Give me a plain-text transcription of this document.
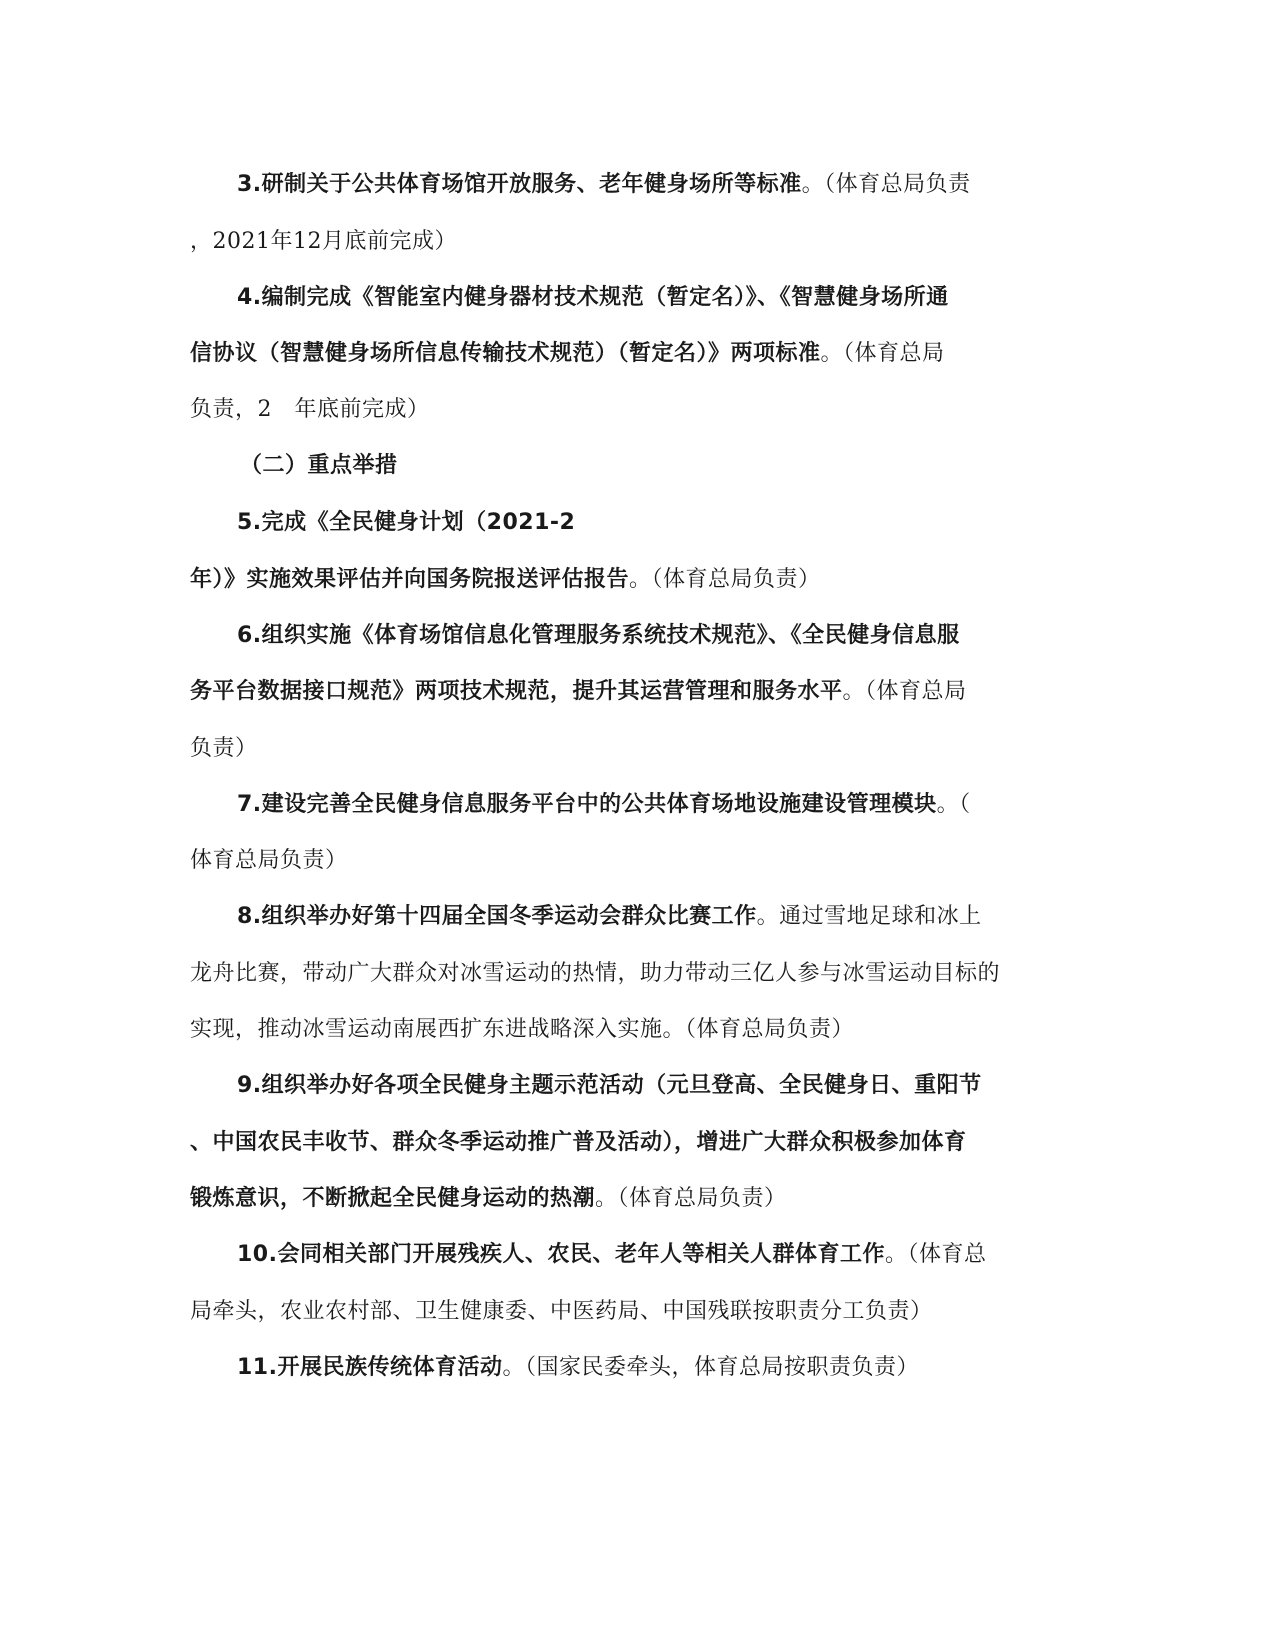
3.研制关于公共体育场馆开放服务、老年健身场所等标准。（体育总局负责
，2021年12月底前完成）
4.编制完成《智能室内健身器材技术规范（暂定名）》、《智慧健身场所通
信协议（智慧健身场所信息传输技术规范）（暂定名）》两项标准。（体育总局
负责，2　年底前完成）
（二）重点举措
5.完成《全民健身计划（2021-2
年）》实施效果评估并向国务院报送评估报告。（体育总局负责）
6.组织实施《体育场馆信息化管理服务系统技术规范》、《全民健身信息服
务平台数据接口规范》两项技术规范，提升其运营管理和服务水平。（体育总局
负责）
7.建设完善全民健身信息服务平台中的公共体育场地设施建设管理模块。（
体育总局负责）
8.组织举办好第十四届全国冬季运动会群众比赛工作。通过雪地足球和冰上
龙舟比赛，带动广大群众对冰雪运动的热情，助力带动三亿人参与冰雪运动目标的
实现，推动冰雪运动南展西扩东进战略深入实施。（体育总局负责）
9.组织举办好各项全民健身主题示范活动（元旦登高、全民健身日、重阳节
、中国农民丰收节、群众冬季运动推广普及活动），增进广大群众积极参加体育
锻炼意识，不断掀起全民健身运动的热潮。（体育总局负责）
10.会同相关部门开展残疾人、农民、老年人等相关人群体育工作。（体育总
局牵头，农业农村部、卫生健康委、中医药局、中国残联按职责分工负责）
11.开展民族传统体育活动。（国家民委牵头，体育总局按职责负责）
